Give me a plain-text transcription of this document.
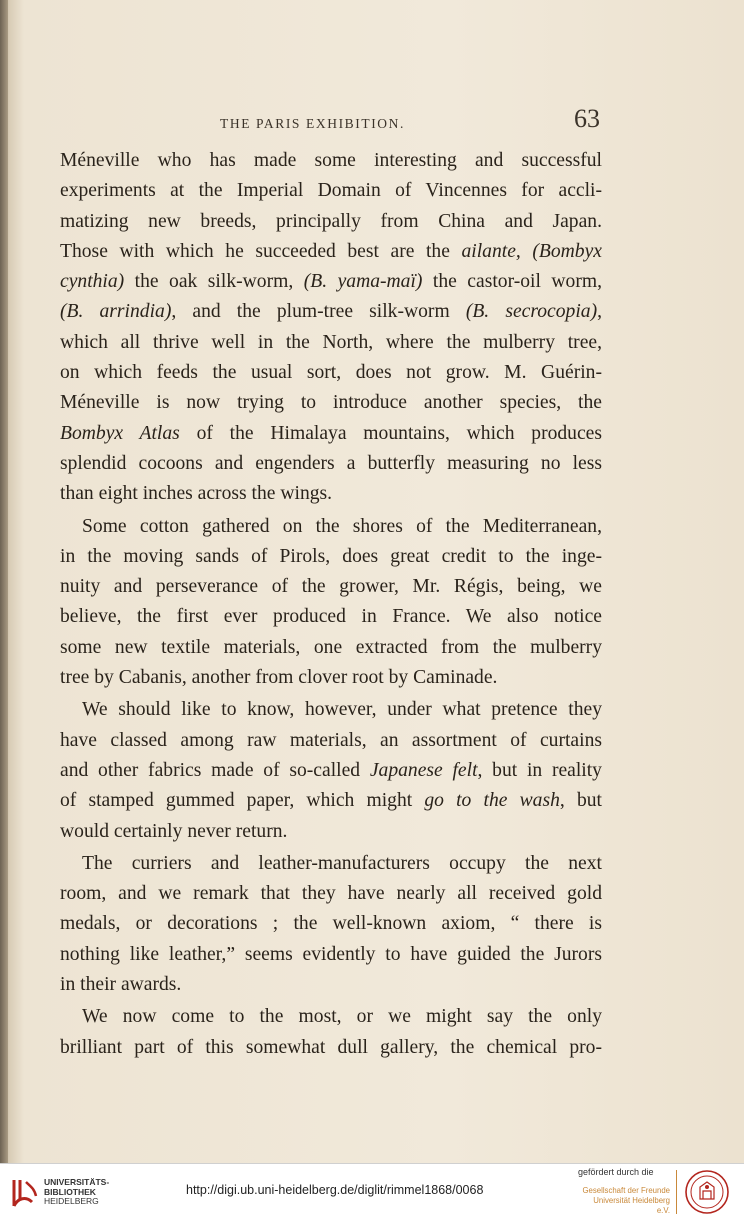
THE PARIS EXHIBITION.	63
Méneville who has made some interesting and successful
experiments at the Imperial Domain of Vincennes for accli-
matizing new breeds, principally from China and Japan.
Those with which he succeeded best are the ailante, (Bombyx
cynthia) the oak silk-worm, (B. yama-maï) the castor-oil worm,
(B. arrindia), and the plum-tree silk-worm (B. secrocopia),
which all thrive well in the North, where the mulberry tree,
on which feeds the usual sort, does not grow. M. Guérin-
Méneville is now trying to introduce another species, the
Bombyx Atlas of the Himalaya mountains, which produces
splendid cocoons and engenders a butterfly measuring no less
than eight inches across the wings.
Some cotton gathered on the shores of the Mediterranean,
in the moving sands of Pirols, does great credit to the inge-
nuity and perseverance of the grower, Mr. Régis, being, we
believe, the first ever produced in France. We also notice
some new textile materials, one extracted from the mulberry
tree by Cabanis, another from clover root by Caminade.
We should like to know, however, under what pretence they
have classed among raw materials, an assortment of curtains
and other fabrics made of so-called Japanese felt, but in reality
of stamped gummed paper, which might go to the wash, but
would certainly never return.
The curriers and leather-manufacturers occupy the next
room, and we remark that they have nearly all received gold
medals, or decorations ; the well-known axiom, “ there is
nothing like leather,” seems evidently to have guided the Jurors
in their awards.
We now come to the most, or we might say the only
brilliant part of this somewhat dull gallery, the chemical pro-
UNIVERSITÄTS-
BIBLIOTHEK
HEIDELBERG
http://digi.ub.uni-heidelberg.de/diglit/rimmel1868/0068
gefördert durch die
Gesellschaft der Freunde
Universität Heidelberg e.V.
